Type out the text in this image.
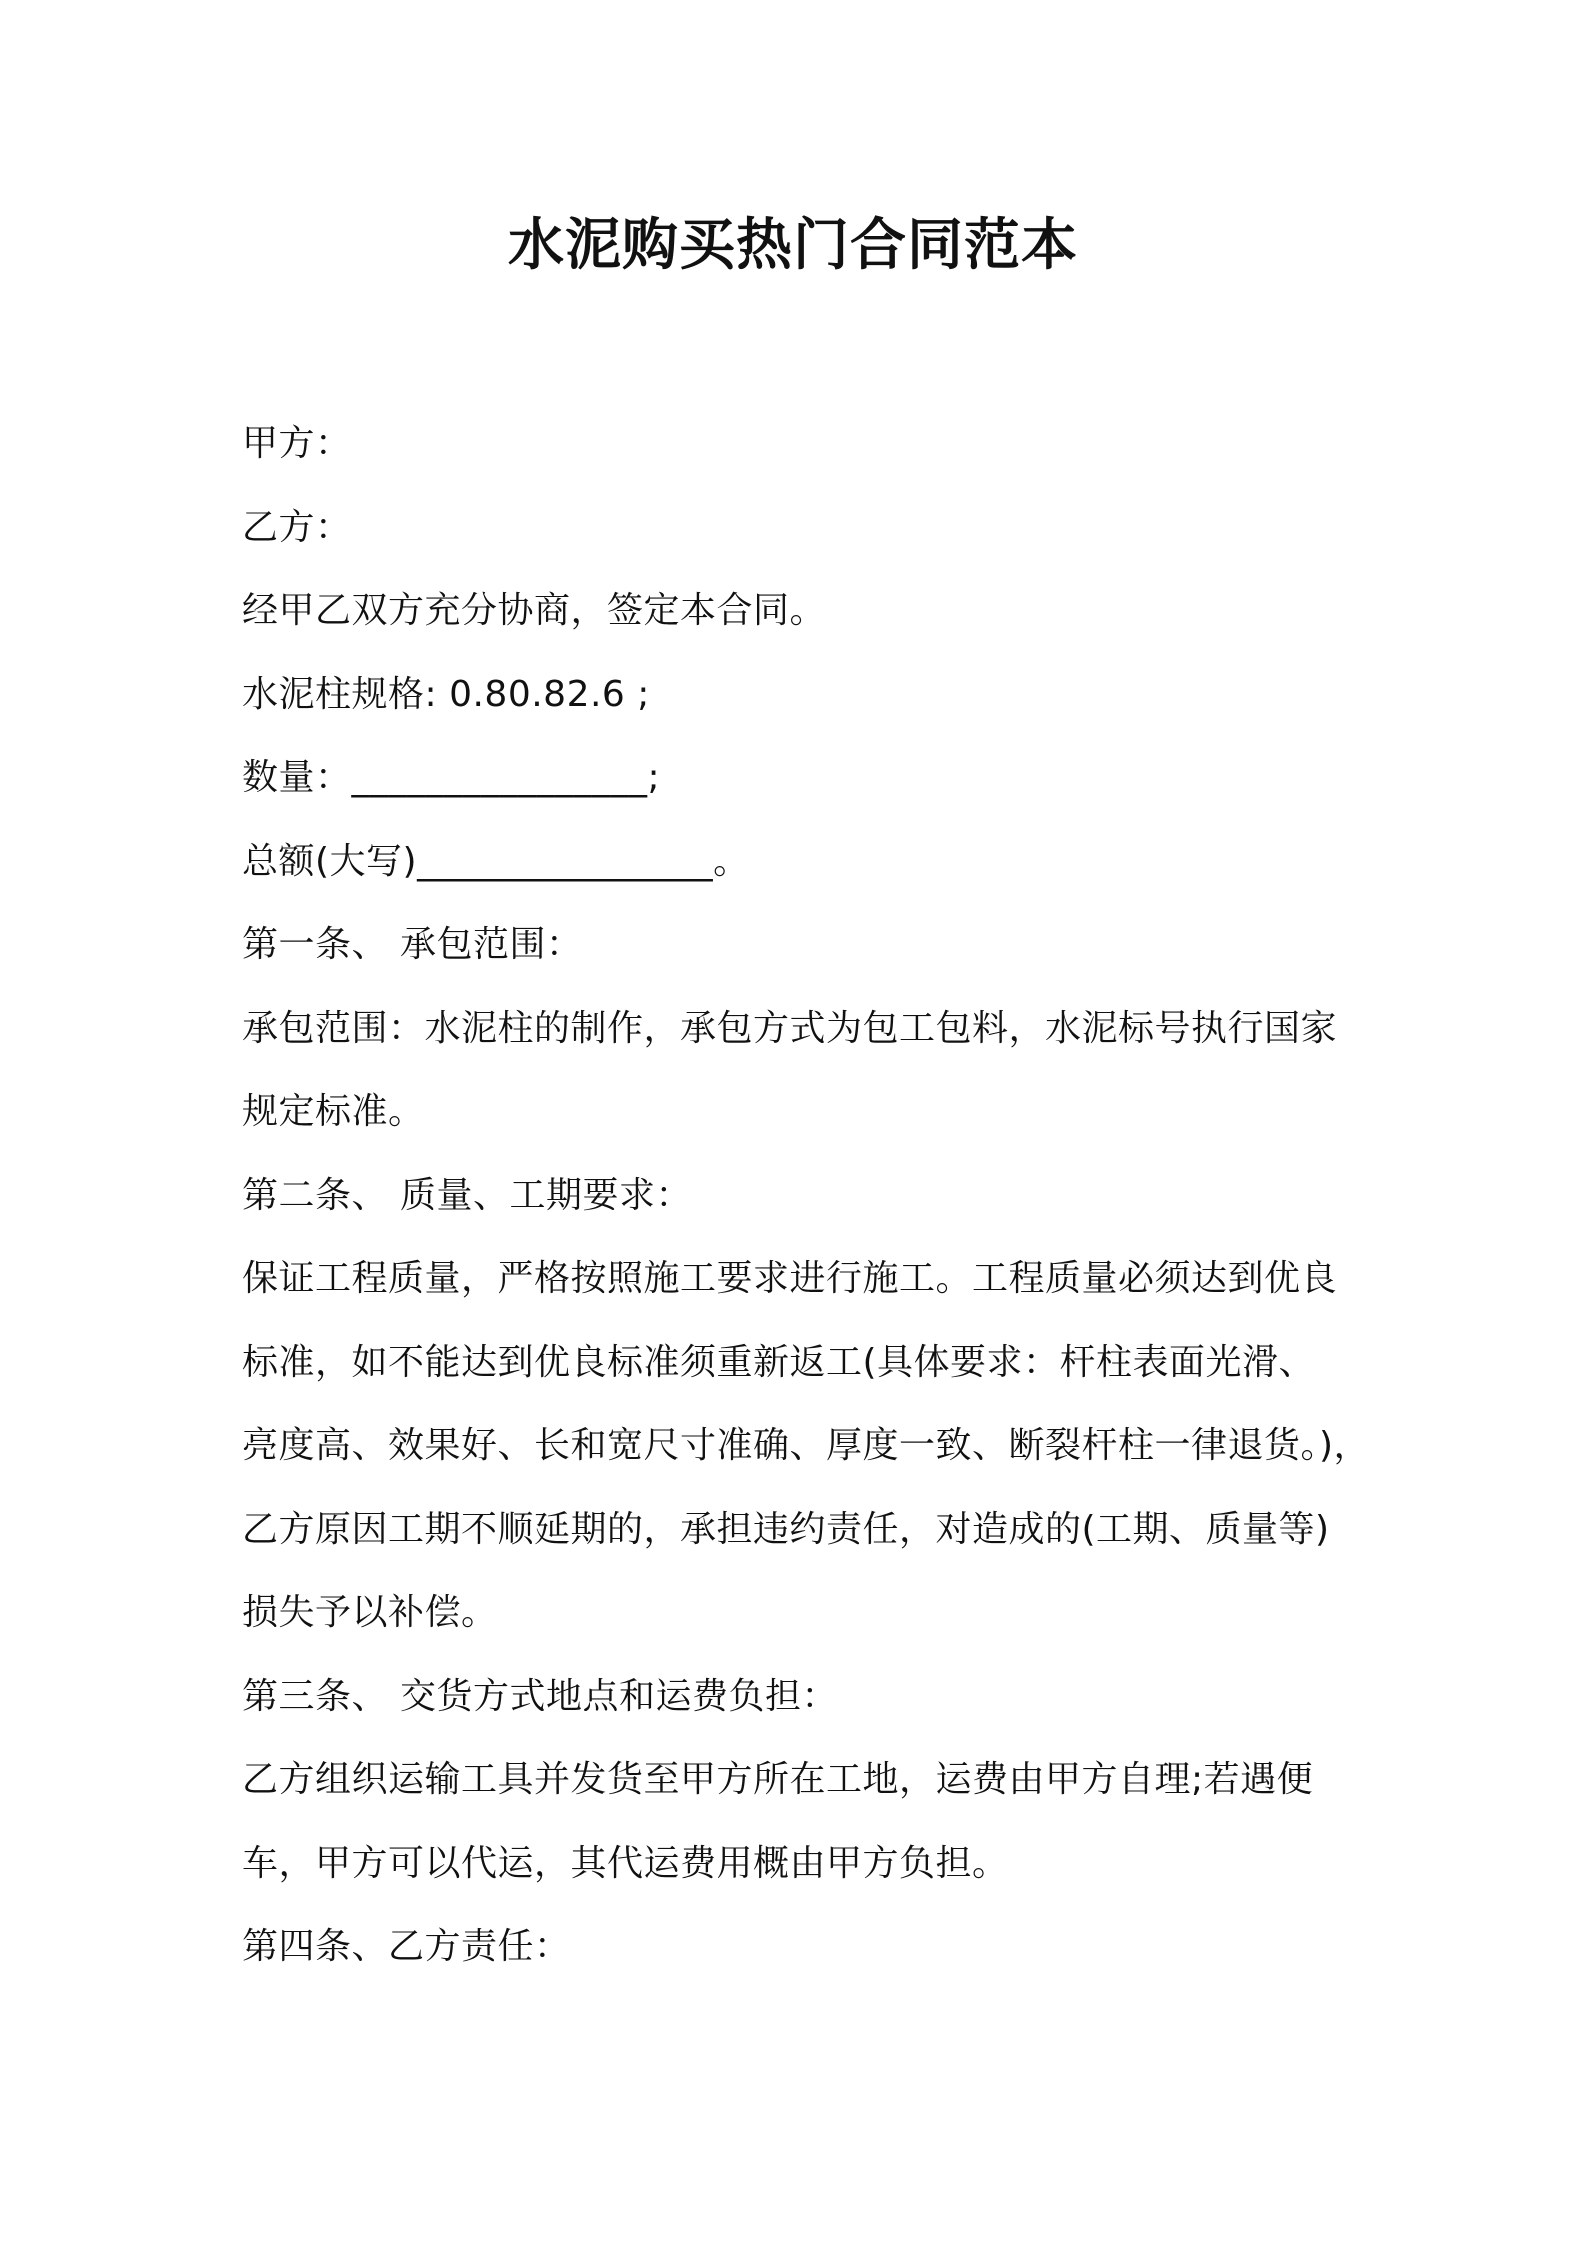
水泥购买热门合同范本
甲方：
乙方：
经甲乙双方充分协商，签定本合同。
水泥柱规格: 0.80.82.6 ;
数量：________________;
总额(大写)________________。
第一条、 承包范围：
承包范围：水泥柱的制作，承包方式为包工包料，水泥标号执行国家
规定标准。
第二条、 质量、工期要求：
保证工程质量，严格按照施工要求进行施工。工程质量必须达到优良
标准，如不能达到优良标准须重新返工(具体要求：杆柱表面光滑、
亮度高、效果好、长和宽尺寸准确、厚度一致、断裂杆柱一律退货。)，
乙方原因工期不顺延期的，承担违约责任，对造成的(工期、质量等)
损失予以补偿。
第三条、 交货方式地点和运费负担：
乙方组织运输工具并发货至甲方所在工地，运费由甲方自理;若遇便
车，甲方可以代运，其代运费用概由甲方负担。
第四条、乙方责任：
